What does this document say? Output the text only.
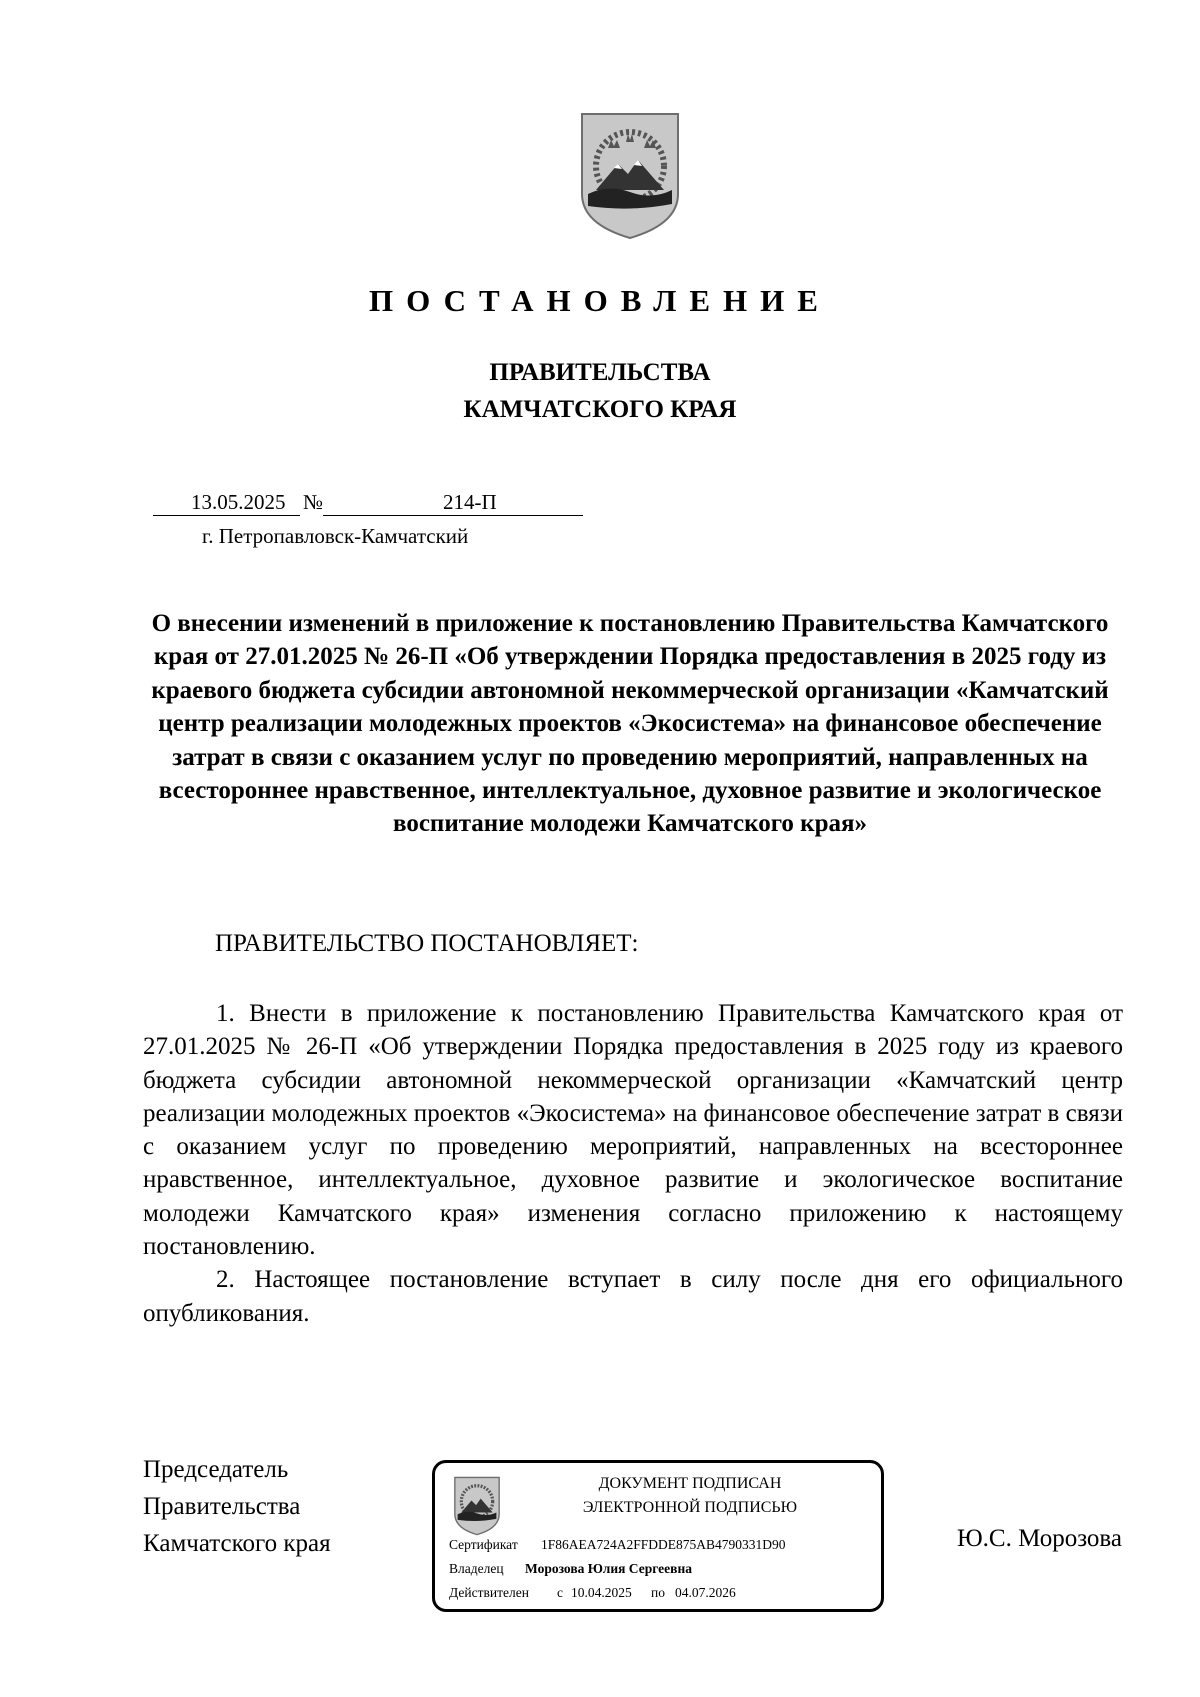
ПОСТАНОВЛЕНИЕ
ПРАВИТЕЛЬСТВА
КАМЧАТСКОГО КРАЯ
13.05.2025 №	214-П
г. Петропавловск-Камчатский
О внесении изменений в приложение к постановлению Правительства Камчатского края от 27.01.2025 № 26-П «Об утверждении Порядка предоставления в 2025 году из краевого бюджета субсидии автономной некоммерческой организации «Камчатский центр реализации молодежных проектов «Экосистема» на финансовое обеспечение затрат в связи с оказанием услуг по проведению мероприятий, направленных на всестороннее нравственное, интеллектуальное, духовное развитие и экологическое воспитание молодежи Камчатского края»
ПРАВИТЕЛЬСТВО ПОСТАНОВЛЯЕТ:

1. Внести в приложение к постановлению Правительства Камчатского края от 27.01.2025 № 26-П «Об утверждении Порядка предоставления в 2025 году из краевого бюджета субсидии автономной некоммерческой организации «Камчатский центр реализации молодежных проектов «Экосистема» на финансовое обеспечение затрат в связи с оказанием услуг по проведению мероприятий, направленных на всестороннее нравственное, интеллектуальное, духовное развитие и экологическое воспитание молодежи Камчатского края» изменения согласно приложению к настоящему постановлению.

2. Настоящее постановление вступает в силу после дня его официального опубликования.

Председатель
Правительства
Камчатского края
ДОКУМЕНТ ПОДПИСАН
ЭЛЕКТРОННОЙ ПОДПИСЬЮ
Сертификат 1F86AEA724A2FFDDE875AB4790331D90
Владелец Морозова Юлия Сергеевна
Действителен с 10.04.2025 по 04.07.2026
Ю.С. Морозова
